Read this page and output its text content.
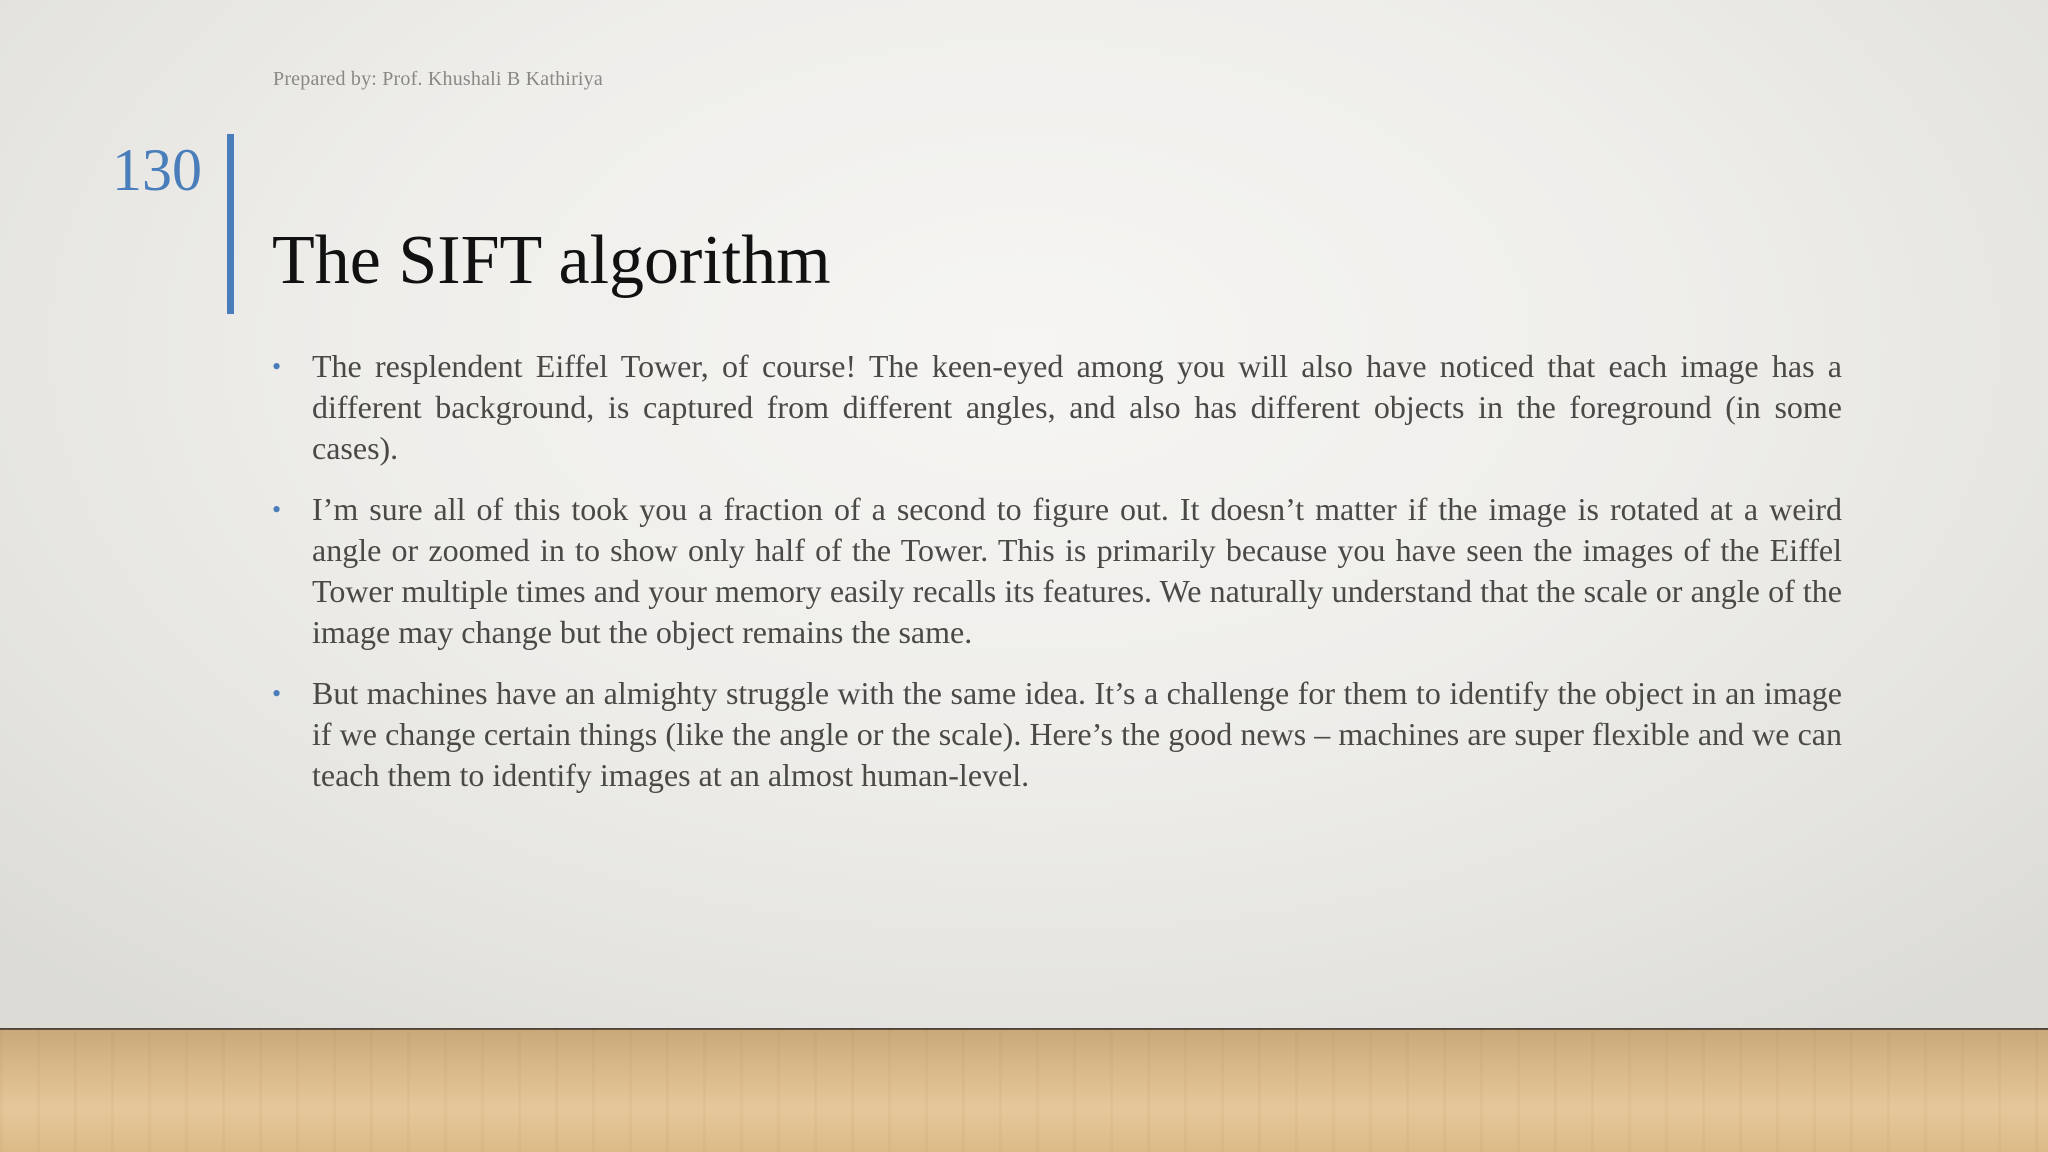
Prepared by: Prof. Khushali B Kathiriya
130
The SIFT algorithm
• The resplendent Eiffel Tower, of course! The keen-eyed among you will also have noticed that each image has a different background, is captured from different angles, and also has different objects in the foreground (in some cases).
• I’m sure all of this took you a fraction of a second to figure out. It doesn’t matter if the image is rotated at a weird angle or zoomed in to show only half of the Tower. This is primarily because you have seen the images of the Eiffel Tower multiple times and your memory easily recalls its features. We naturally understand that the scale or angle of the image may change but the object remains the same.
• But machines have an almighty struggle with the same idea. It’s a challenge for them to identify the object in an image if we change certain things (like the angle or the scale). Here’s the good news – machines are super flexible and we can teach them to identify images at an almost human-level.
